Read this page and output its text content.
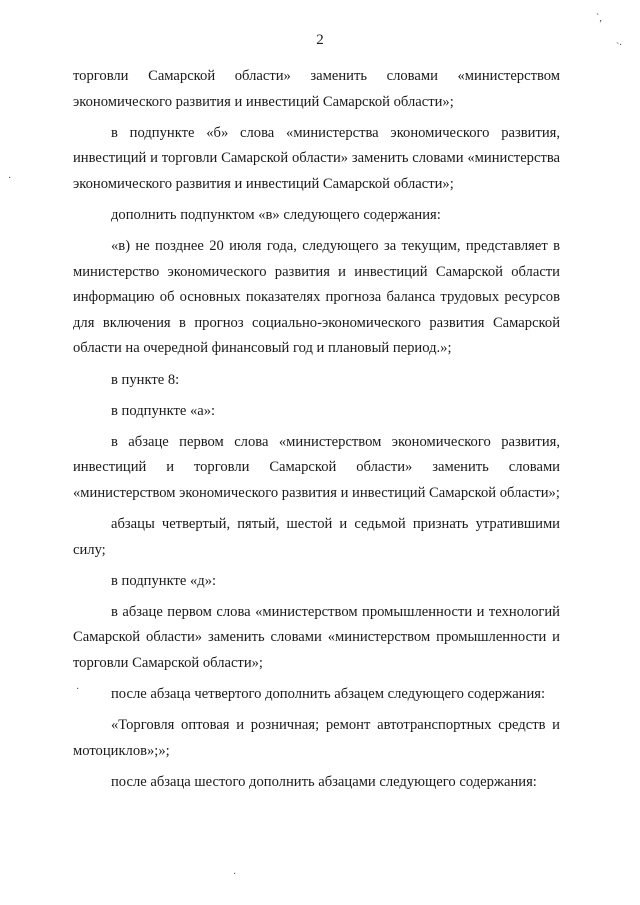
2

торговли Самарской области» заменить словами «министерством экономического развития и инвестиций Самарской области»;

в подпункте «б» слова «министерства экономического развития, инвестиций и торговли Самарской области» заменить словами «министерства экономического развития и инвестиций Самарской области»;

дополнить подпунктом «в» следующего содержания:

«в) не позднее 20 июля года, следующего за текущим, представляет в министерство экономического развития и инвестиций Самарской области информацию об основных показателях прогноза баланса трудовых ресурсов для включения в прогноз социально-экономического развития Самарской области на очередной финансовый год и плановый период.»;

в пункте 8:

в подпункте «а»:

в абзаце первом слова «министерством экономического развития, инвестиций и торговли Самарской области» заменить словами «министерством экономического развития и инвестиций Самарской области»;

абзацы четвертый, пятый, шестой и седьмой признать утратившими силу;

в подпункте «д»:

в абзаце первом слова «министерством промышленности и технологий Самарской области» заменить словами «министерством промышленности и торговли Самарской области»;

после абзаца четвертого дополнить абзацем следующего содержания:

«Торговля оптовая и розничная; ремонт автотранспортных средств и мотоциклов»;»;

после абзаца шестого дополнить абзацами следующего содержания:

ˋ,
˴.
·
·
·
